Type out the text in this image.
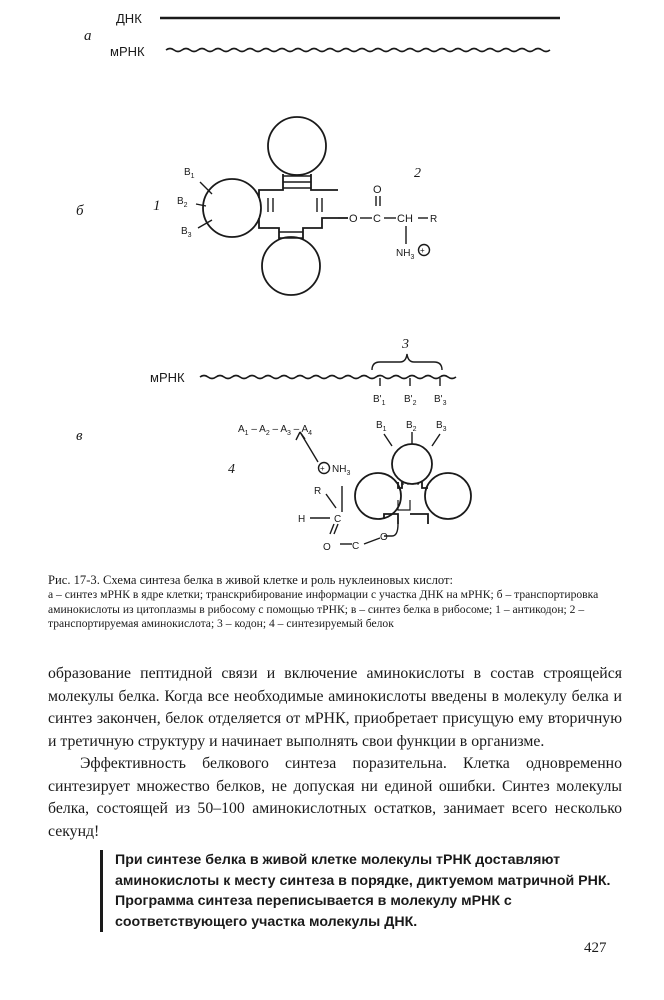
а
ДНК
мРНК
б	1
2
$B_1$
$B_2$
$B_3$
O C
O
CH R
$NH_3$
+
в
мРНК
3
4
$B'_1$ $B'_2$ $B'_3$
$B_1$ $B_2$ $B_3$
$A_1 - A_2 - A_3 - A_4$
+ $NH_3$
R
H	C
O C
O
Рис. 17-3. Схема синтеза белка в живой клетке и роль нуклеиновых кислот:
а – синтез мРНК в ядре клетки; транскрибирование информации с участка ДНК на мРНК; б – транспортировка аминокислоты из цитоплазмы в рибосому с помощью тРНК; в – синтез белка в рибосоме; 1 – антикодон; 2 – транспортируемая аминокислота; 3 – кодон; 4 – синтезируемый белок

образование пептидной связи и включение аминокислоты в состав строящейся молекулы белка. Когда все необходимые аминокислоты введены в молекулу белка и синтез закончен, белок отделяется от мРНК, приобретает присущую ему вторичную и третичную структуру и начинает выполнять свои функции в организме.

Эффективность белкового синтеза поразительна. Клетка одновременно синтезирует множество белков, не допуская ни единой ошибки. Синтез молекулы белка, состоящей из 50–100 аминокислотных остатков, занимает всего несколько секунд!

При синтезе белка в живой клетке молекулы тРНК доставляют аминокислоты к месту синтеза в порядке, диктуемом матричной РНК. Программа синтеза переписывается в молекулу мРНК с соответствующего участка молекулы ДНК.
427
